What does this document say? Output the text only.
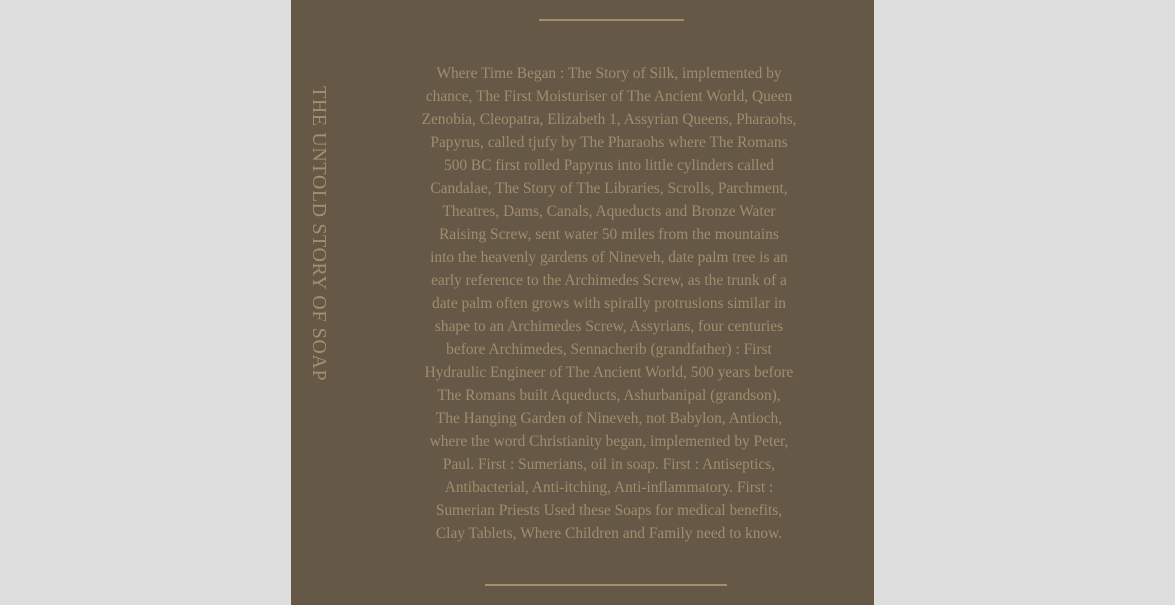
THE UNTOLD STORY OF SOAP
Where Time Began : The Story of Silk, implemented by
chance, The First Moisturiser of The Ancient World, Queen
Zenobia, Cleopatra, Elizabeth 1, Assyrian Queens, Pharaohs,
Papyrus, called tjufy by The Pharaohs where The Romans
500 BC first rolled Papyrus into little cylinders called
Candalae, The Story of The Libraries, Scrolls, Parchment,
Theatres, Dams, Canals, Aqueducts and Bronze Water
Raising Screw, sent water 50 miles from the mountains
into the heavenly gardens of Nineveh, date palm tree is an
early reference to the Archimedes Screw, as the trunk of a
date palm often grows with spirally protrusions similar in
shape to an Archimedes Screw, Assyrians, four centuries
before Archimedes, Sennacherib (grandfather) : First
Hydraulic Engineer of The Ancient World, 500 years before
The Romans built Aqueducts, Ashurbanipal (grandson),
The Hanging Garden of Nineveh, not Babylon, Antioch,
where the word Christianity began, implemented by Peter,
Paul. First : Sumerians, oil in soap. First : Antiseptics,
Antibacterial, Anti-itching, Anti-inflammatory. First :
Sumerian Priests Used these Soaps for medical benefits,
Clay Tablets, Where Children and Family need to know.
